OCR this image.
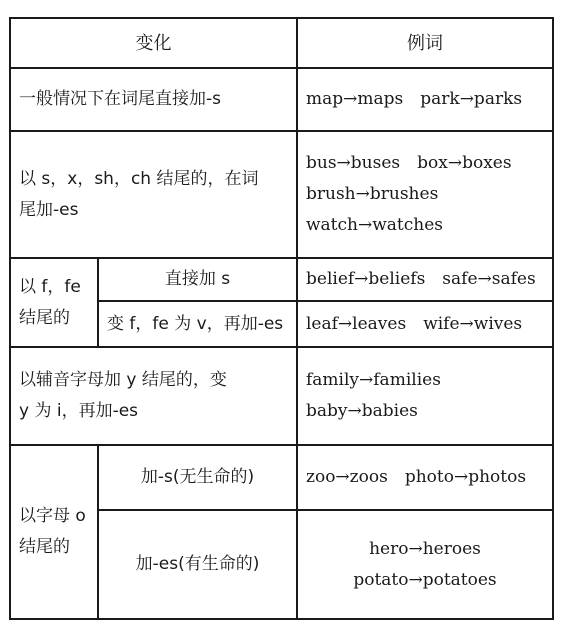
变化		例词
一般情况下在词尾直接加-s		map→maps　park→parks

以 s，x，sh，ch 结尾的，在词
尾加-es		bus→buses　box→boxes
brush→brushes
watch→watches

以 f，fe
结尾的	直接加 s	belief→beliefs　safe→safes

	变 f，fe 为 v，再加-es	leaf→leaves　wife→wives

以辅音字母加 y 结尾的，变
y 为 i，再加-es		family→families
baby→babies

以字母 o
结尾的	加-s(无生命的)	zoo→zoos　photo→photos

	加-es(有生命的)	hero→heroes
potato→potatoes
